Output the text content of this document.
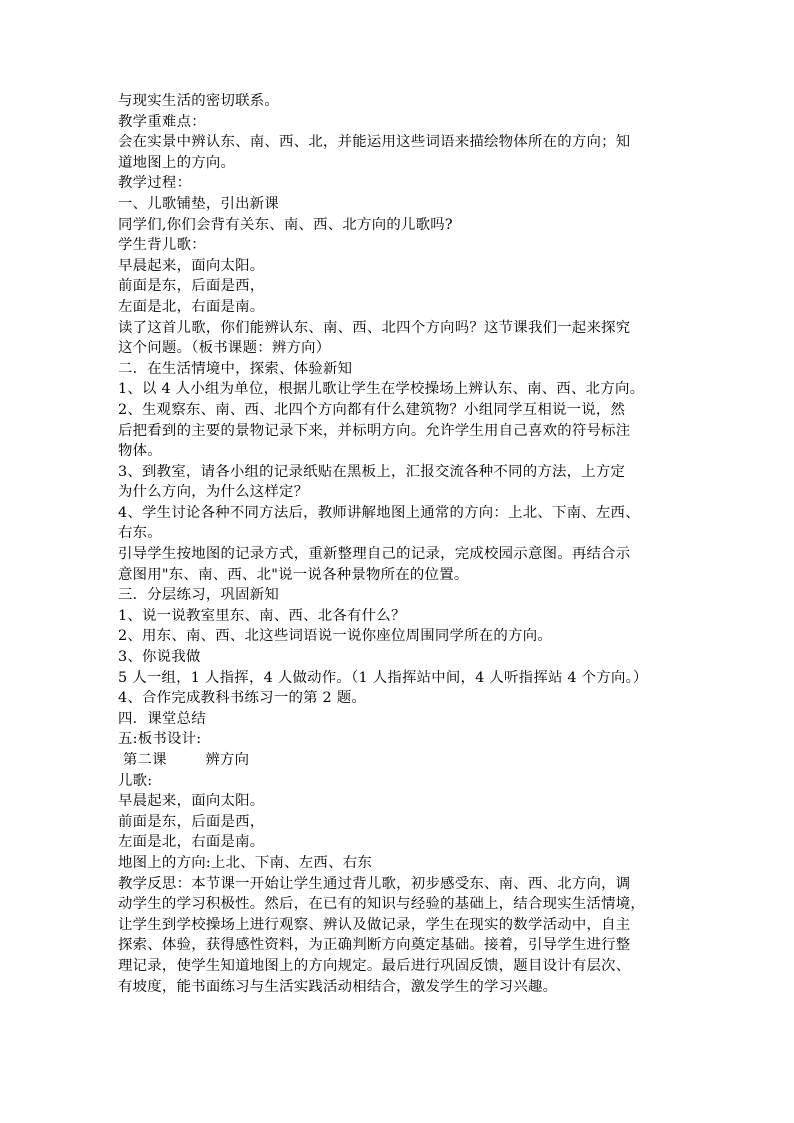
与现实生活的密切联系。
教学重难点：
会在实景中辨认东、南、西、北，并能运用这些词语来描绘物体所在的方向；知
道地图上的方向。
教学过程：
一、儿歌铺垫，引出新课
同学们,你们会背有关东、南、西、北方向的儿歌吗?
学生背儿歌：
早晨起来，面向太阳。
前面是东，后面是西，
左面是北，右面是南。
读了这首儿歌，你们能辨认东、南、西、北四个方向吗？这节课我们一起来探究
这个问题。（板书课题：辨方向）
二．在生活情境中，探索、体验新知
1、以 4 人小组为单位，根据儿歌让学生在学校操场上辨认东、南、西、北方向。
2、生观察东、南、西、北四个方向都有什么建筑物？小组同学互相说一说，然
后把看到的主要的景物记录下来，并标明方向。允许学生用自己喜欢的符号标注
物体。
3、到教室，请各小组的记录纸贴在黑板上，汇报交流各种不同的方法，上方定
为什么方向，为什么这样定？
4、学生讨论各种不同方法后，教师讲解地图上通常的方向：上北、下南、左西、
右东。
引导学生按地图的记录方式，重新整理自己的记录，完成校园示意图。再结合示
意图用"东、南、西、北"说一说各种景物所在的位置。
三．分层练习，巩固新知
1、说一说教室里东、南、西、北各有什么？
2、用东、南、西、北这些词语说一说你座位周围同学所在的方向。
3、你说我做
5 人一组，1 人指挥，4 人做动作。（1 人指挥站中间，4 人听指挥站 4 个方向。）
4、合作完成教科书练习一的第 2 题。
四．课堂总结
五:板书设计:
第二课        辨方向
儿歌:
早晨起来，面向太阳。
前面是东，后面是西，
左面是北，右面是南。
地图上的方向:上北、下南、左西、右东
教学反思：本节课一开始让学生通过背儿歌，初步感受东、南、西、北方向，调
动学生的学习积极性。然后，在已有的知识与经验的基础上，结合现实生活情境，
让学生到学校操场上进行观察、辨认及做记录，学生在现实的数学活动中，自主
探索、体验，获得感性资料，为正确判断方向奠定基础。接着，引导学生进行整
理记录，使学生知道地图上的方向规定。最后进行巩固反馈，题目设计有层次、
有坡度，能书面练习与生活实践活动相结合，激发学生的学习兴趣。
